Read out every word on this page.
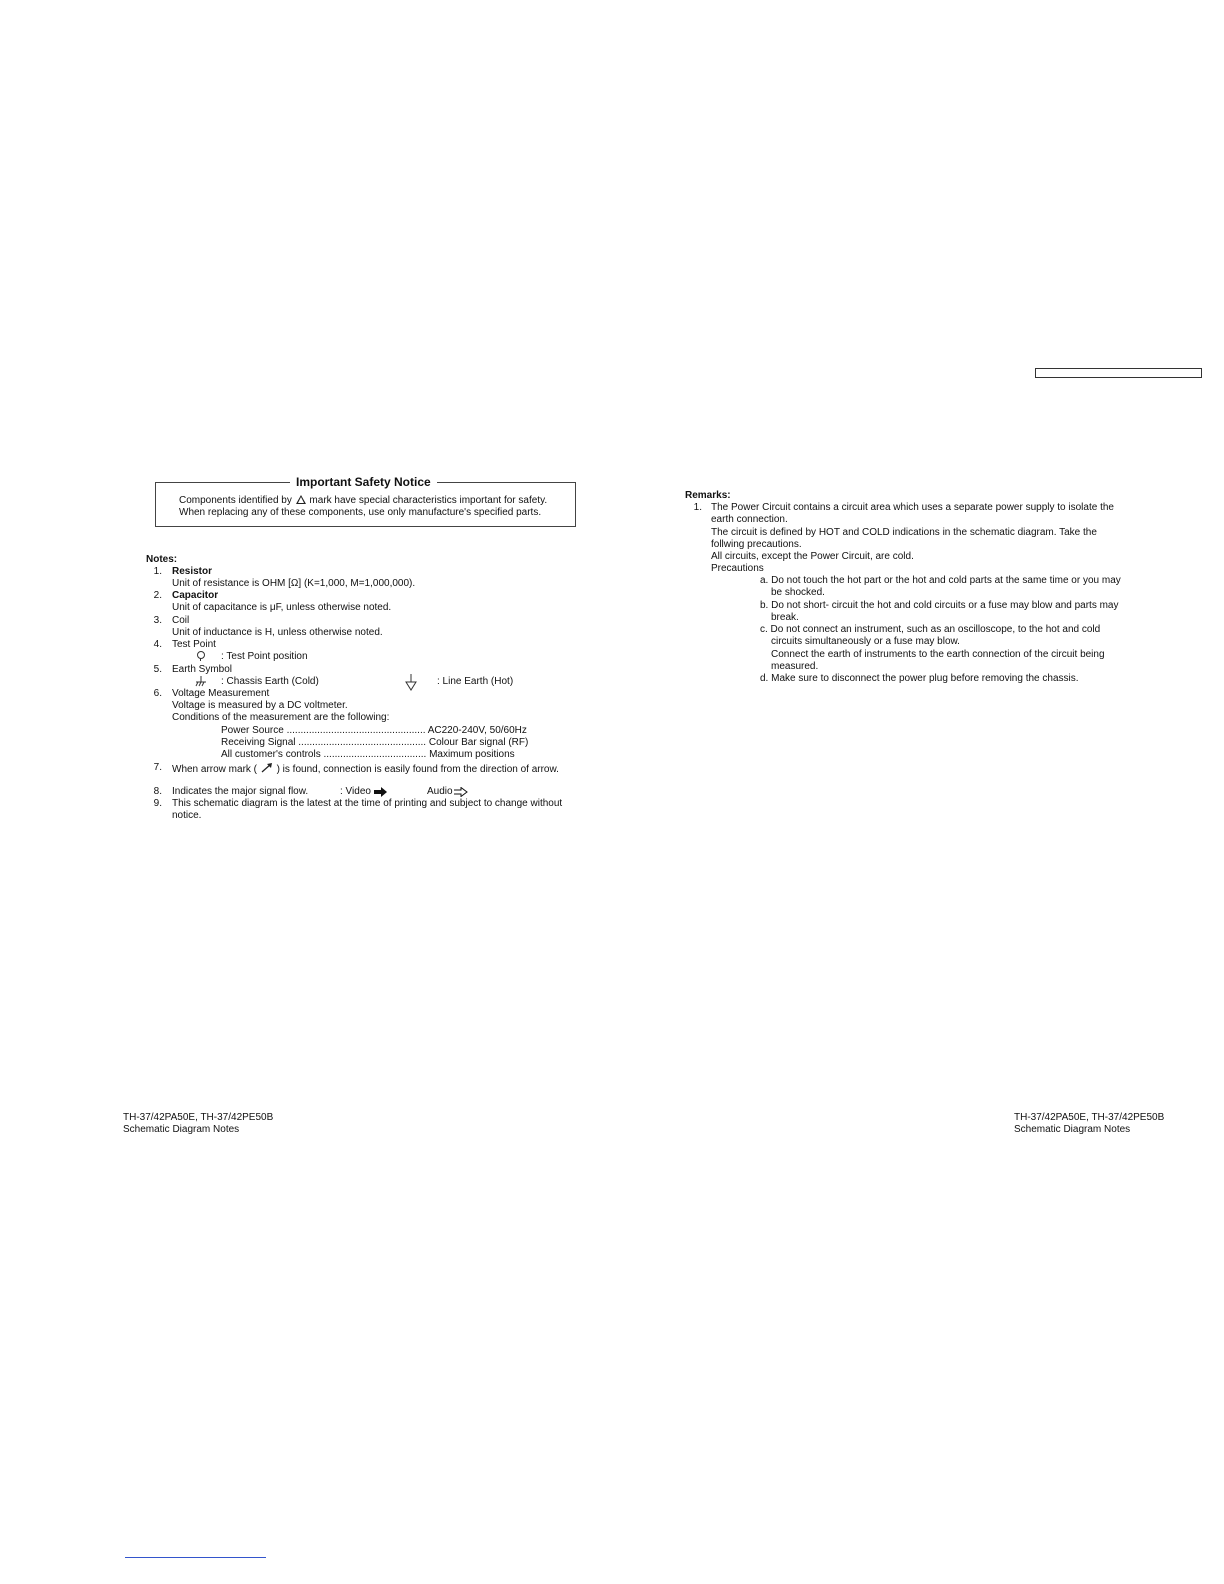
Important Safety Notice
Components identified by mark have special characteristics important for safety.
When replacing any of these components, use only manufacture's specified parts.
Notes:
1. Resistor
Unit of resistance is OHM [Ω] (K=1,000, M=1,000,000).
2. Capacitor
Unit of capacitance is μF, unless otherwise noted.
3. Coil
Unit of inductance is H, unless otherwise noted.
4. Test Point
: Test Point position
5. Earth Symbol
: Chassis Earth (Cold)	: Line Earth (Hot)
6. Voltage Measurement
Voltage is measured by a DC voltmeter.
Conditions of the measurement are the following:
Power Source .................................................. AC220-240V, 50/60Hz
Receiving Signal .............................................. Colour Bar signal (RF)
All customer's controls ..................................... Maximum positions
7. When arrow mark ( ) is found, connection is easily found from the direction of arrow.
8. Indicates the major signal flow.	: Video	Audio
9. This schematic diagram is the latest at the time of printing and subject to change without
notice.
Remarks:
1. The Power Circuit contains a circuit area which uses a separate power supply to isolate the
earth connection.
The circuit is defined by HOT and COLD indications in the schematic diagram. Take the
follwing precautions.
All circuits, except the Power Circuit, are cold.
Precautions
a. Do not touch the hot part or the hot and cold parts at the same time or you may
be shocked.
b. Do not short- circuit the hot and cold circuits or a fuse may blow and parts may
break.
c. Do not connect an instrument, such as an oscilloscope, to the hot and cold
circuits simultaneously or a fuse may blow.
Connect the earth of instruments to the earth connection of the circuit being
measured.
d. Make sure to disconnect the power plug before removing the chassis.
TH-37/42PA50E, TH-37/42PE50B
Schematic Diagram Notes
TH-37/42PA50E, TH-37/42PE50B
Schematic Diagram Notes
